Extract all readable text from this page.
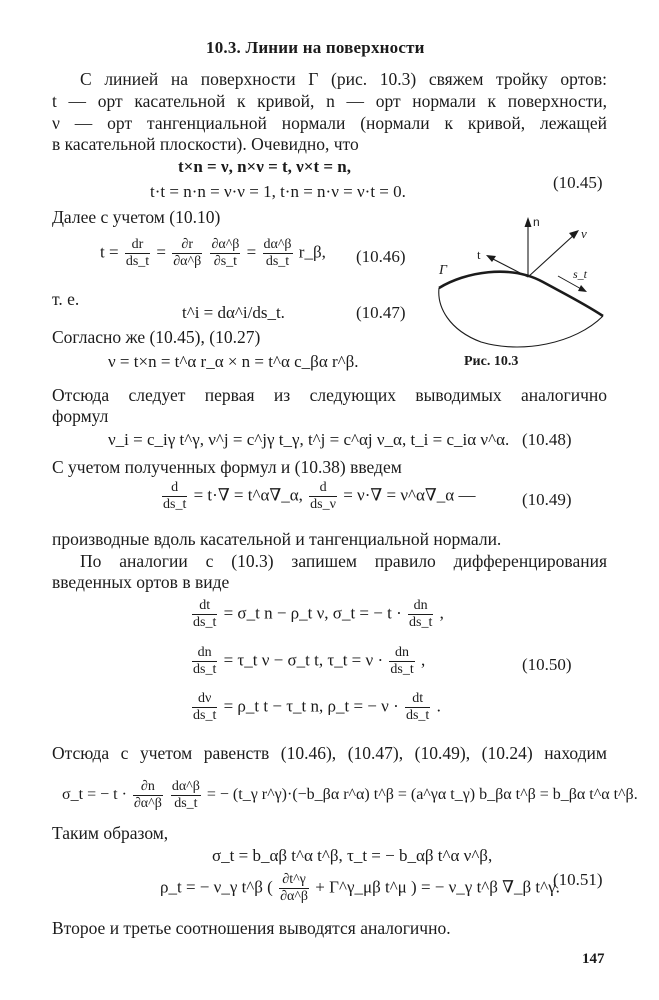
10.3. Линии на поверхности
С линией на поверхности Γ (рис. 10.3) свяжем тройку ортов:
t — орт касательной к кривой, n — орт нормали к поверхности,
ν — орт тангенциальной нормали (нормали к кривой, лежащей
в касательной плоскости). Очевидно, что
t×n = ν, n×ν = t, ν×t = n,
t·t = n·n = ν·ν = 1, t·n = n·ν = ν·t = 0.	(10.45)
Далее с учетом (10.10)
$t = \frac{dr}{ds\_t} = \frac{\partial r}{\partial\alpha\^{}\beta}$
$\frac{\partial\alpha\^{}\beta}{\partial s\_t} = \frac{d\alpha\^{}\beta}{ds\_t}$ r_β, (10.46)
т. е.
t^i = dα^i/ds_t.	(10.47)
Согласно же (10.45), (10.27)
ν = t×n = t^α r_α × n = t^α c_βα r^β.
n
ν
t
Γ	s_t
Рис. 10.3
Отсюда следует первая из следующих выводимых аналогично
формул
ν_i = c_iγ t^γ, ν^j = c^jγ t_γ, t^j = c^αj ν_α, t_i = c_iα ν^α. (10.48)
С учетом полученных формул и (10.38) введем
$\frac{d}{ds\_t} = t\cdot\nabla$ = t^α∇_α, $\frac{d}{ds\_\nu} = \nu\cdot\nabla$ = ν^α∇_α —	(10.49)
производные вдоль касательной и тангенциальной нормали.
По аналогии с (10.3) запишем правило дифференцирования
введенных ортов в виде
$\frac{dt}{ds\_t}$ = σ_t n − ρ_t ν, σ_t = − $t \cdot \frac{dn}{ds\_t}$ ,
$\frac{dn}{ds\_t}$ = τ_t ν − σ_t t, τ_t = $\nu \cdot \frac{dn}{ds\_t}$ ,
$\frac{d\nu}{ds\_t}$ = ρ_t t − τ_t n, ρ_t = − $\nu \cdot \frac{dt}{ds\_t}$ .
(10.50)
Отсюда с учетом равенств (10.46), (10.47), (10.49), (10.24) находим
σ_t = − $t \cdot \frac{\partial n}{\partial\alpha\^{}\beta}$
$\frac{d\alpha\^{}\beta}{ds\_t}$ = − (t_γ r^γ)·(−b_βα r^α) t^β = (a^γα t_γ) b_βα t^β = b_βα t^α t^β.
Таким образом,
σ_t = b_αβ t^α t^β, τ_t = − b_αβ t^α ν^β,
ρ_t = − ν_γ t^β ( $\frac{\partial t\^{}\gamma}{\partial\alpha\^{}\beta}$ + Γ^γ_μβ t^μ ) = − ν_γ t^β ∇_β t^γ.
(10.51)
Второе и третье соотношения выводятся аналогично.
147
